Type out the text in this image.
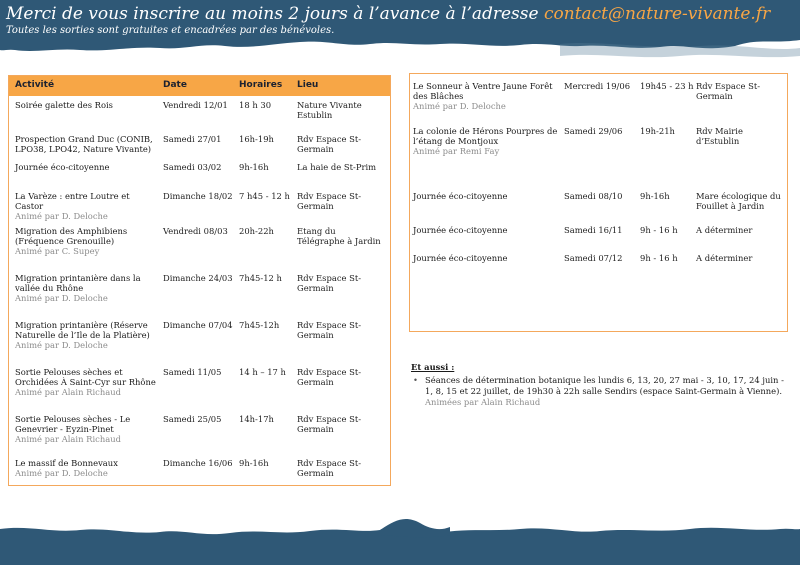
Merci de vous inscrire au moins 2 jours à l’avance à l’adresse contact@nature-vivante.fr
Toutes les sorties sont gratuites et encadrées par des bénévoles.
Activité	Date	Horaires Lieu
Soirée galette des Rois	Vendredi 12/01	18 h 30	Nature Vivante Estublin
Prospection Grand Duc (CONIB, LPO38, LPO42, Nature Vivante)
Samedi 27/01	16h-19h	Rdv Espace St-Germain
Journée éco-citoyenne	Samedi 03/02	9h-16h	La haie de St-Prim
La Varèze : entre Loutre et Castor
Animé par D. Deloche
Dimanche 18/02 7 h45 - 12 h Rdv Espace St-Germain
Migration des Amphibiens (Fréquence Grenouille)
Animé par C. Supey
Vendredi 08/03	20h-22h	Etang du Télégraphe à Jardin
Migration printanière dans la vallée du Rhône
Animé par D. Deloche
Dimanche 24/03 7h45-12 h	Rdv Espace St-Germain
Migration printanière (Réserve Naturelle de l’Ile de la Platière)
Animé par D. Deloche
Dimanche 07/04 7h45-12h	Rdv Espace St-Germain
Sortie Pelouses sèches et Orchidées À Saint-Cyr sur Rhône
Animé par Alain Richaud
Samedi 11/05	14 h – 17 h	Rdv Espace St-Germain
Sortie Pelouses sèches - Le Genevrier - Eyzin-Pinet
Animé par Alain Richaud
Samedi 25/05	14h-17h	Rdv Espace St-Germain
Le massif de Bonnevaux
Animé par D. Deloche
Dimanche 16/06 9h-16h	Rdv Espace St-Germain
Le Sonneur à Ventre Jaune Forêt des Blâches
Animé par D. Deloche
Mercredi 19/06	19h45 - 23 h Rdv Espace St-Germain
La colonie de Hérons Pourpres de l’étang de Montjoux
Animé par Remi Fay
Samedi 29/06	19h-21h	Rdv Mairie d’Estublin
Journée éco-citoyenne	Samedi 08/10	9h-16h	Mare écologique du Fouillet à Jardin
Journée éco-citoyenne	Samedi 16/11	9h - 16 h	A déterminer
Journée éco-citoyenne	Samedi 07/12	9h - 16 h	A déterminer
Et aussi :
• Séances de détermination botanique les lundis 6, 13, 20, 27 mai - 3, 10, 17, 24 juin - 1, 8, 15 et 22 juillet, de 19h30 à 22h salle Sendirs (espace Saint-Germain à Vienne). Animées par Alain Richaud
